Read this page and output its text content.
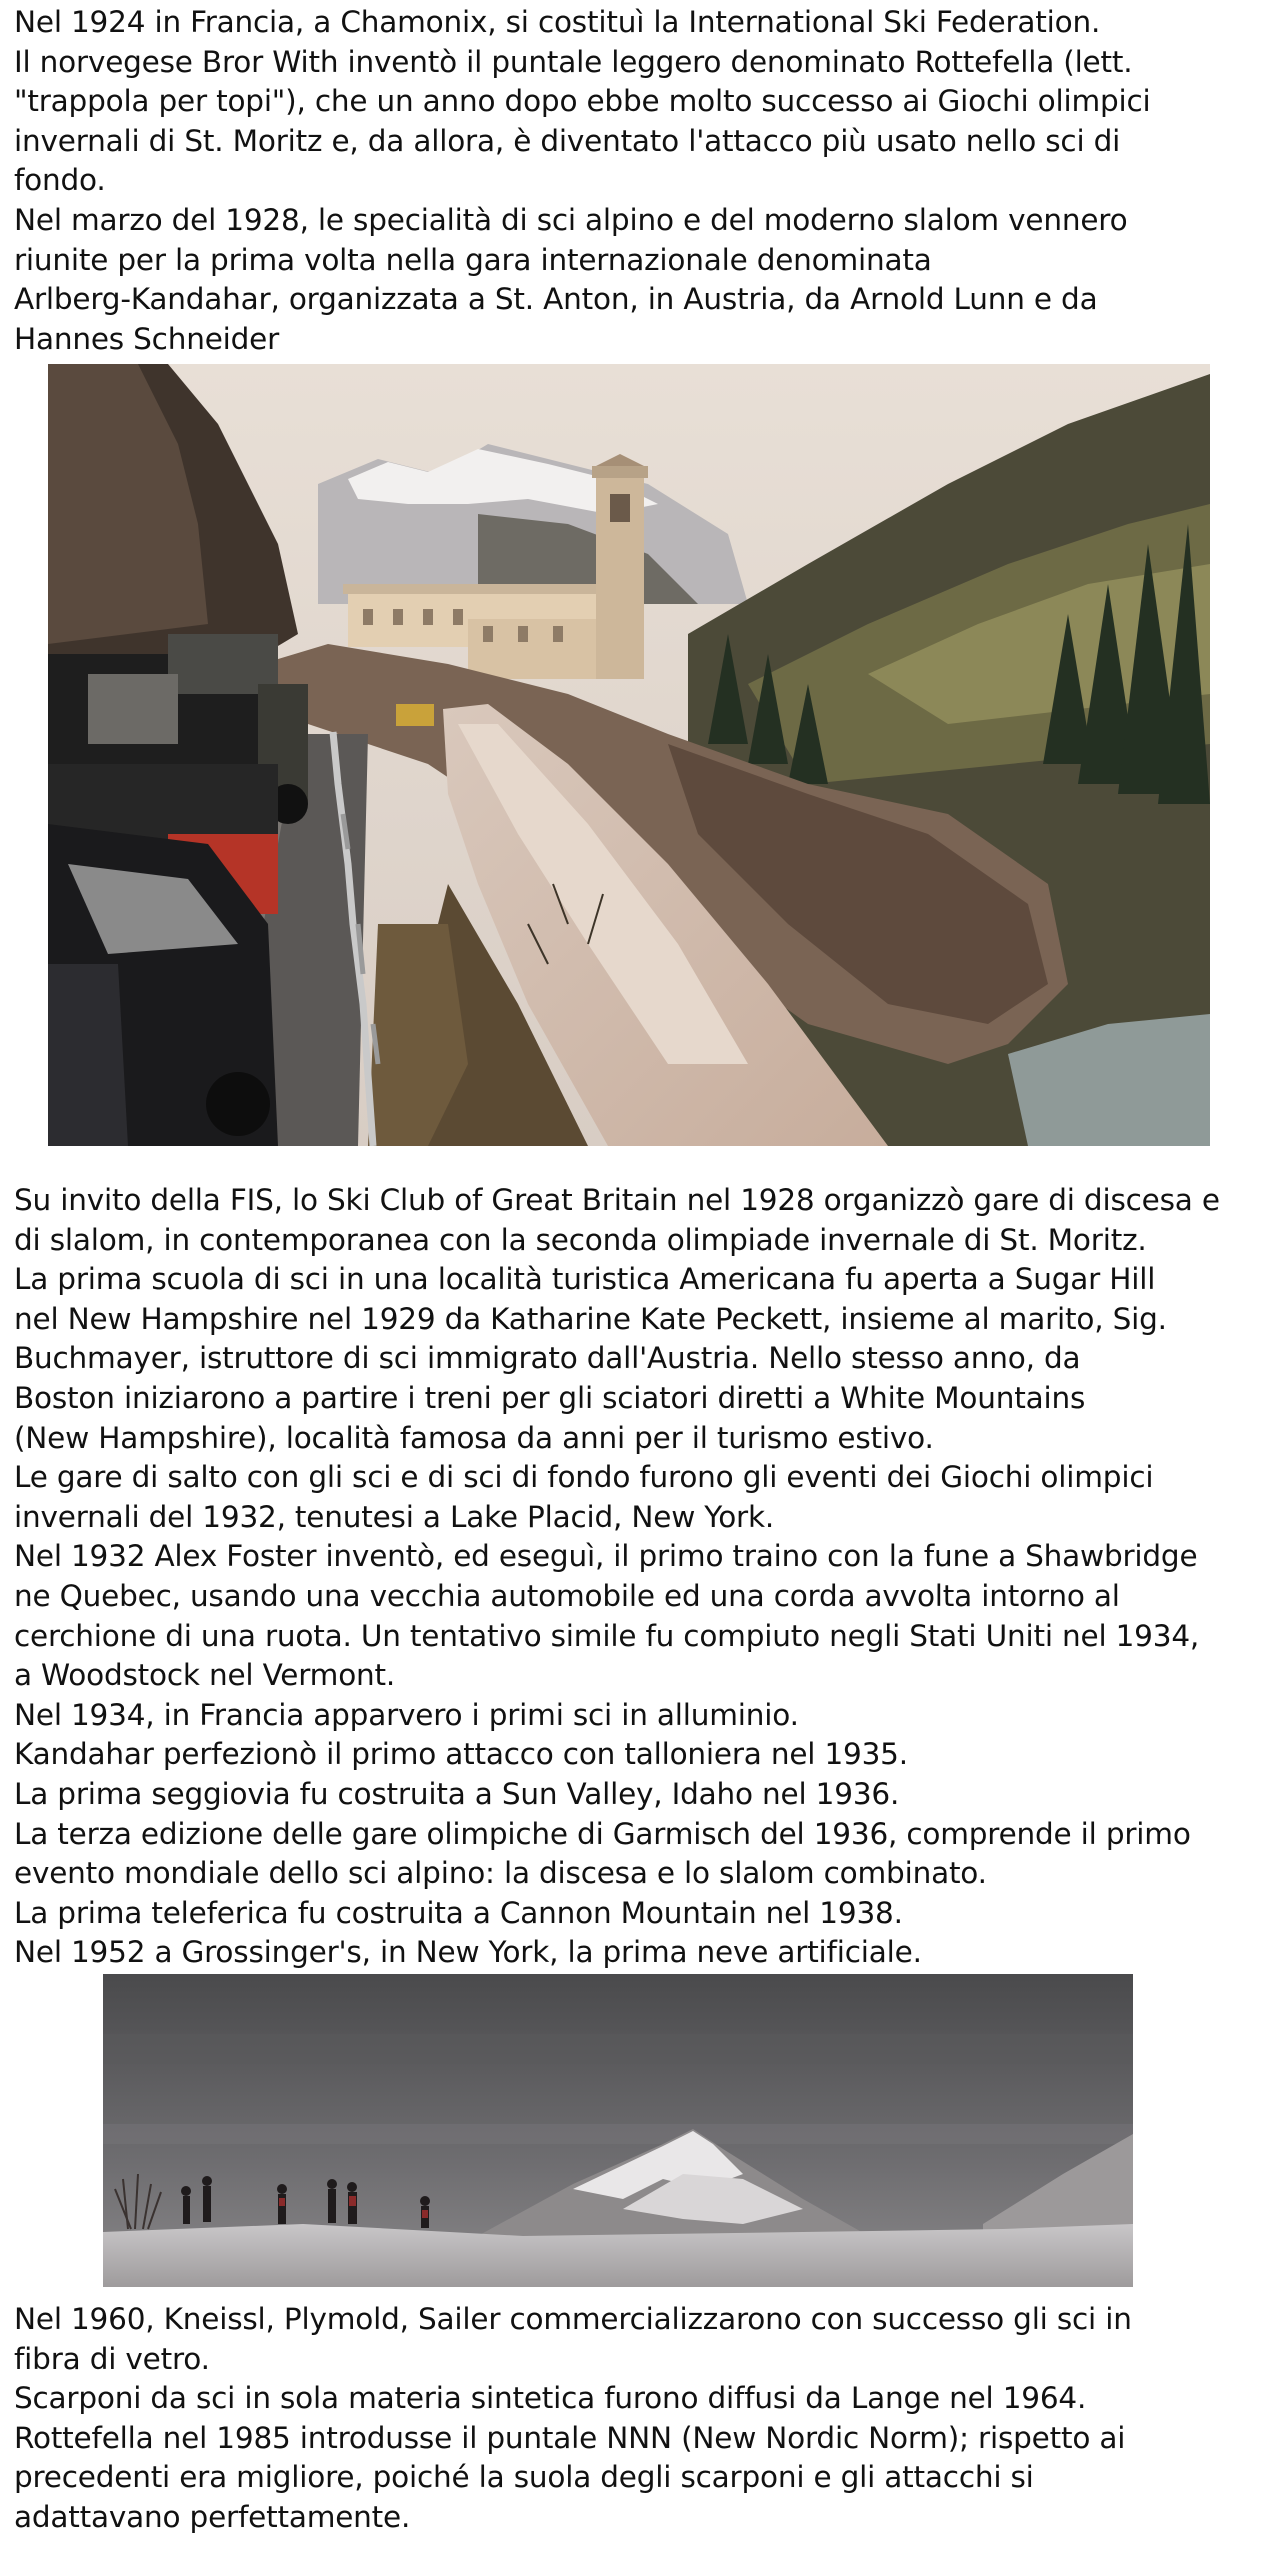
Nel 1924 in Francia, a Chamonix, si costituì la International Ski Federation.

Il norvegese Bror With inventò il puntale leggero denominato Rottefella (lett.
"trappola per topi"), che un anno dopo ebbe molto successo ai Giochi olimpici
invernali di St. Moritz e, da allora, è diventato l'attacco più usato nello sci di
fondo.

Nel marzo del 1928, le specialità di sci alpino e del moderno slalom vennero
riunite per la prima volta nella gara internazionale denominata
Arlberg-Kandahar, organizzata a St. Anton, in Austria, da Arnold Lunn e da
Hannes Schneider

Su invito della FIS, lo Ski Club of Great Britain nel 1928 organizzò gare di discesa e
di slalom, in contemporanea con la seconda olimpiade invernale di St. Moritz.

La prima scuola di sci in una località turistica Americana fu aperta a Sugar Hill
nel New Hampshire nel 1929 da Katharine Kate Peckett, insieme al marito, Sig.
Buchmayer, istruttore di sci immigrato dall'Austria. Nello stesso anno, da
Boston iniziarono a partire i treni per gli sciatori diretti a White Mountains
(New Hampshire), località famosa da anni per il turismo estivo.

Le gare di salto con gli sci e di sci di fondo furono gli eventi dei Giochi olimpici
invernali del 1932, tenutesi a Lake Placid, New York.

Nel 1932 Alex Foster inventò, ed eseguì, il primo traino con la fune a Shawbridge
ne Quebec, usando una vecchia automobile ed una corda avvolta intorno al
cerchione di una ruota. Un tentativo simile fu compiuto negli Stati Uniti nel 1934,
a Woodstock nel Vermont.

Nel 1934, in Francia apparvero i primi sci in alluminio.

Kandahar perfezionò il primo attacco con talloniera nel 1935.

La prima seggiovia fu costruita a Sun Valley, Idaho nel 1936.

La terza edizione delle gare olimpiche di Garmisch del 1936, comprende il primo
evento mondiale dello sci alpino: la discesa e lo slalom combinato.

La prima teleferica fu costruita a Cannon Mountain nel 1938.

Nel 1952 a Grossinger's, in New York, la prima neve artificiale.

Nel 1960, Kneissl, Plymold, Sailer commercializzarono con successo gli sci in
fibra di vetro.

Scarponi da sci in sola materia sintetica furono diffusi da Lange nel 1964.

Rottefella nel 1985 introdusse il puntale NNN (New Nordic Norm); rispetto ai
precedenti era migliore, poiché la suola degli scarponi e gli attacchi si
adattavano perfettamente.
